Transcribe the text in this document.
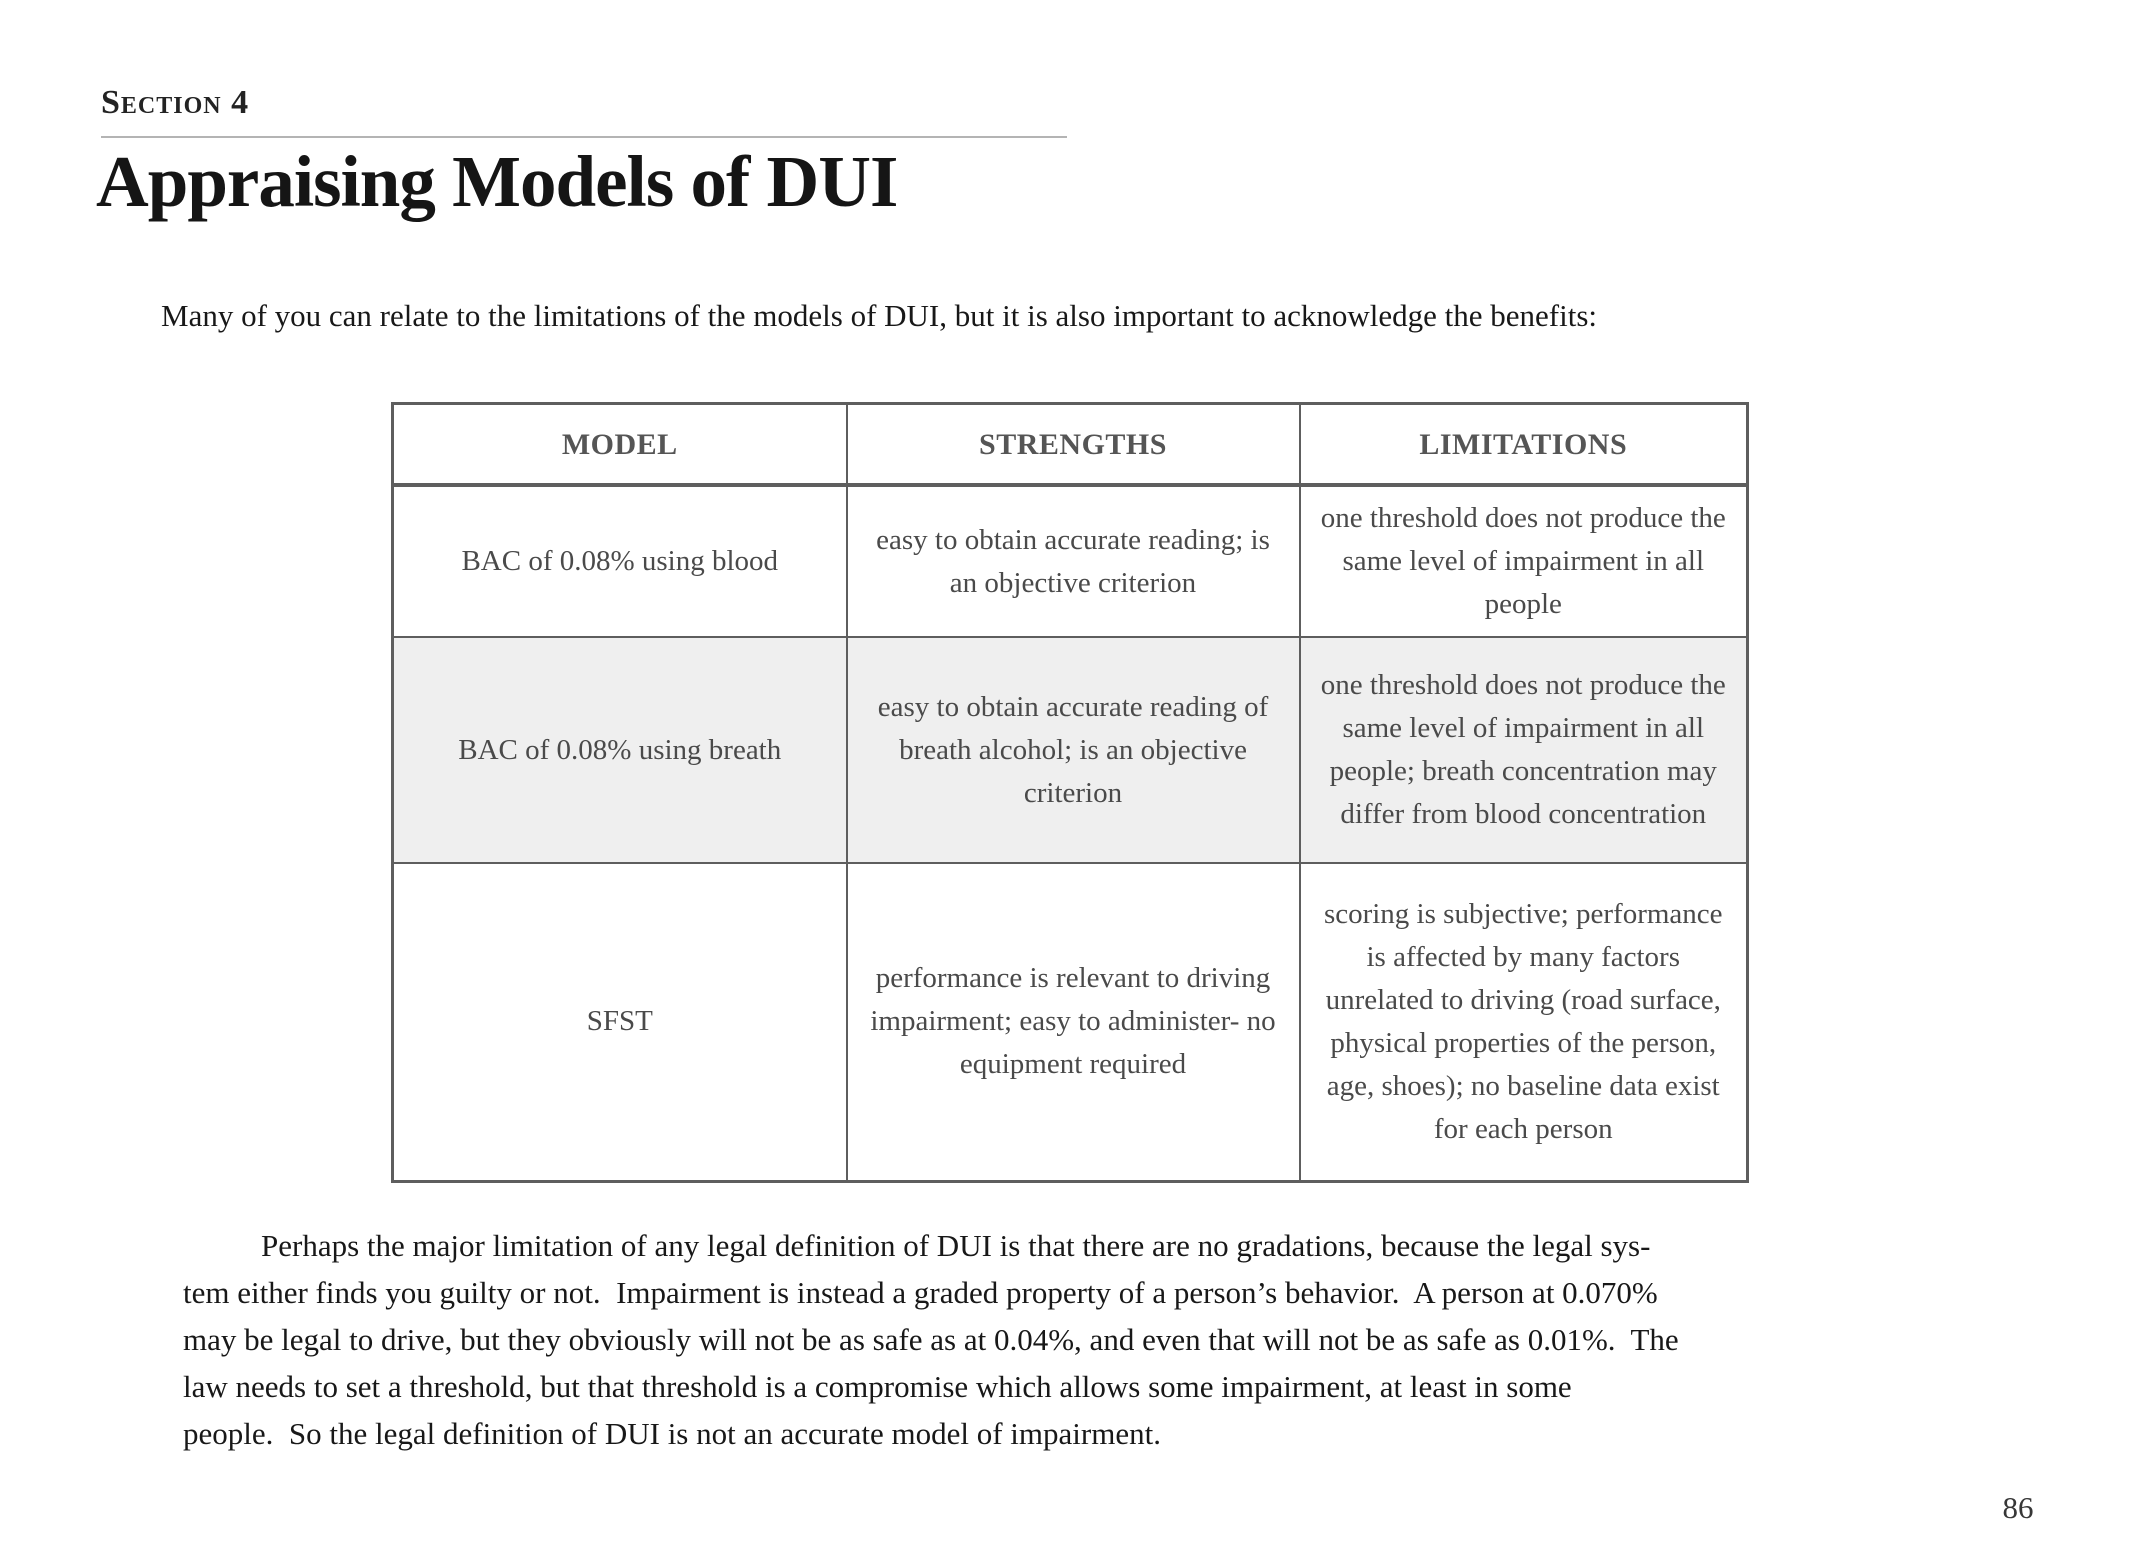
Section 4
Appraising Models of DUI
Many of you can relate to the limitations of the models of DUI, but it is also important to acknowledge the benefits:
MODEL	STRENGTHS	LIMITATIONS
BAC of 0.08% using blood	easy to obtain accurate reading; is an objective criterion	one threshold does not produce the same level of impairment in all people
BAC of 0.08% using breath	easy to obtain accurate reading of breath alcohol; is an objective criterion	one threshold does not produce the same level of impairment in all people; breath concentration may differ from blood concentration
SFST	performance is relevant to driving impairment; easy to administer- no equipment required	scoring is subjective; performance is affected by many factors unrelated to driving (road surface, physical properties of the person, age, shoes); no baseline data exist for each person
Perhaps the major limitation of any legal definition of DUI is that there are no gradations, because the legal sys-
tem either finds you guilty or not.  Impairment is instead a graded property of a person’s behavior.  A person at 0.070%
may be legal to drive, but they obviously will not be as safe as at 0.04%, and even that will not be as safe as 0.01%.  The
law needs to set a threshold, but that threshold is a compromise which allows some impairment, at least in some
people.  So the legal definition of DUI is not an accurate model of impairment.
86
